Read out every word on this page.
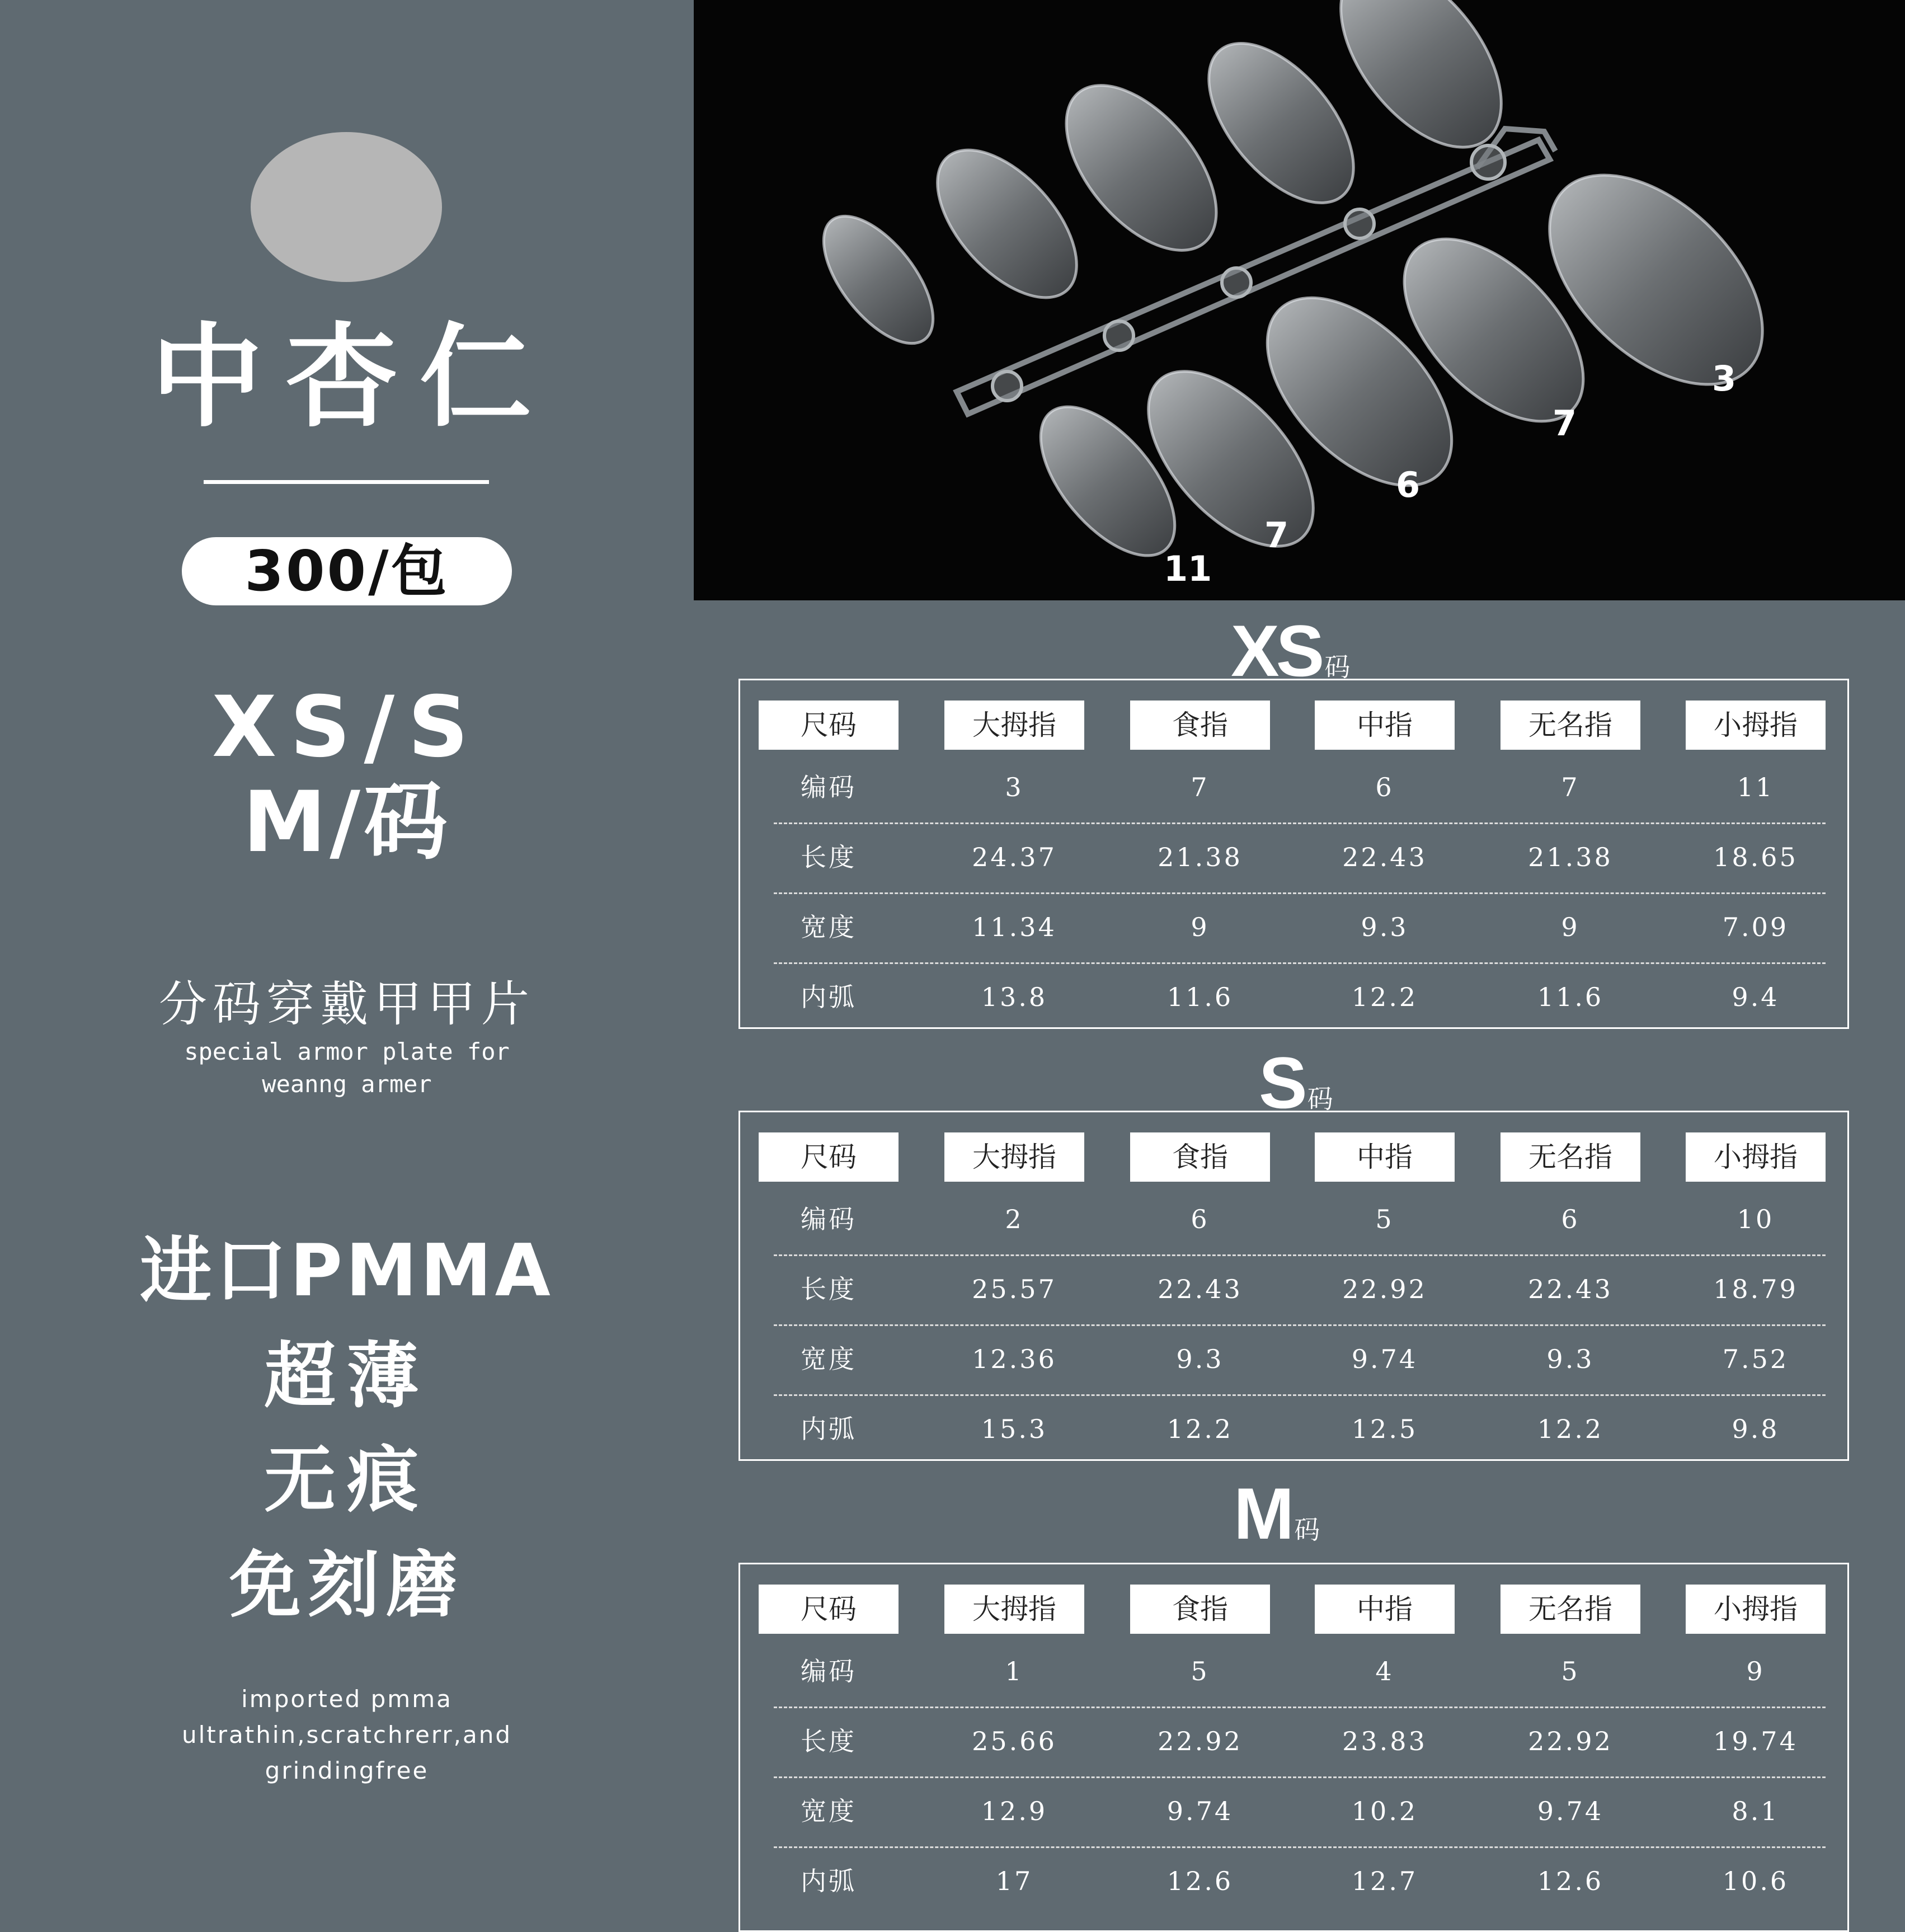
中杏仁
300/包
XS/S
M/码
分码穿戴甲甲片
special armor plate for
weanng armer
进口PMMA
超薄
无痕
免刻磨
imported pmma
ultrathin,scratchrerr,and
grindingfree
3
7
6
7
11
XS 码
S码
M码
尺码	大拇指	食指	中指	无名指	小拇指
编码	3	7	6	7	11
长度	24.37	21.38	22.43	21.38	18.65
宽度	11.34	9	9.3	9	7.09
内弧	13.8	11.6	12.2	11.6	9.4
尺码	大拇指	食指	中指	无名指	小拇指
编码	2	6	5	6	10
长度	25.57	22.43	22.92	22.43	18.79
宽度	12.36	9.3	9.74	9.3	7.52
内弧	15.3	12.2	12.5	12.2	9.8
尺码	大拇指	食指	中指	无名指	小拇指
编码	1	5	4	5	9
长度	25.66	22.92	23.83	22.92	19.74
宽度	12.9	9.74	10.2	9.74	8.1
内弧	17	12.6	12.7	12.6	10.6
